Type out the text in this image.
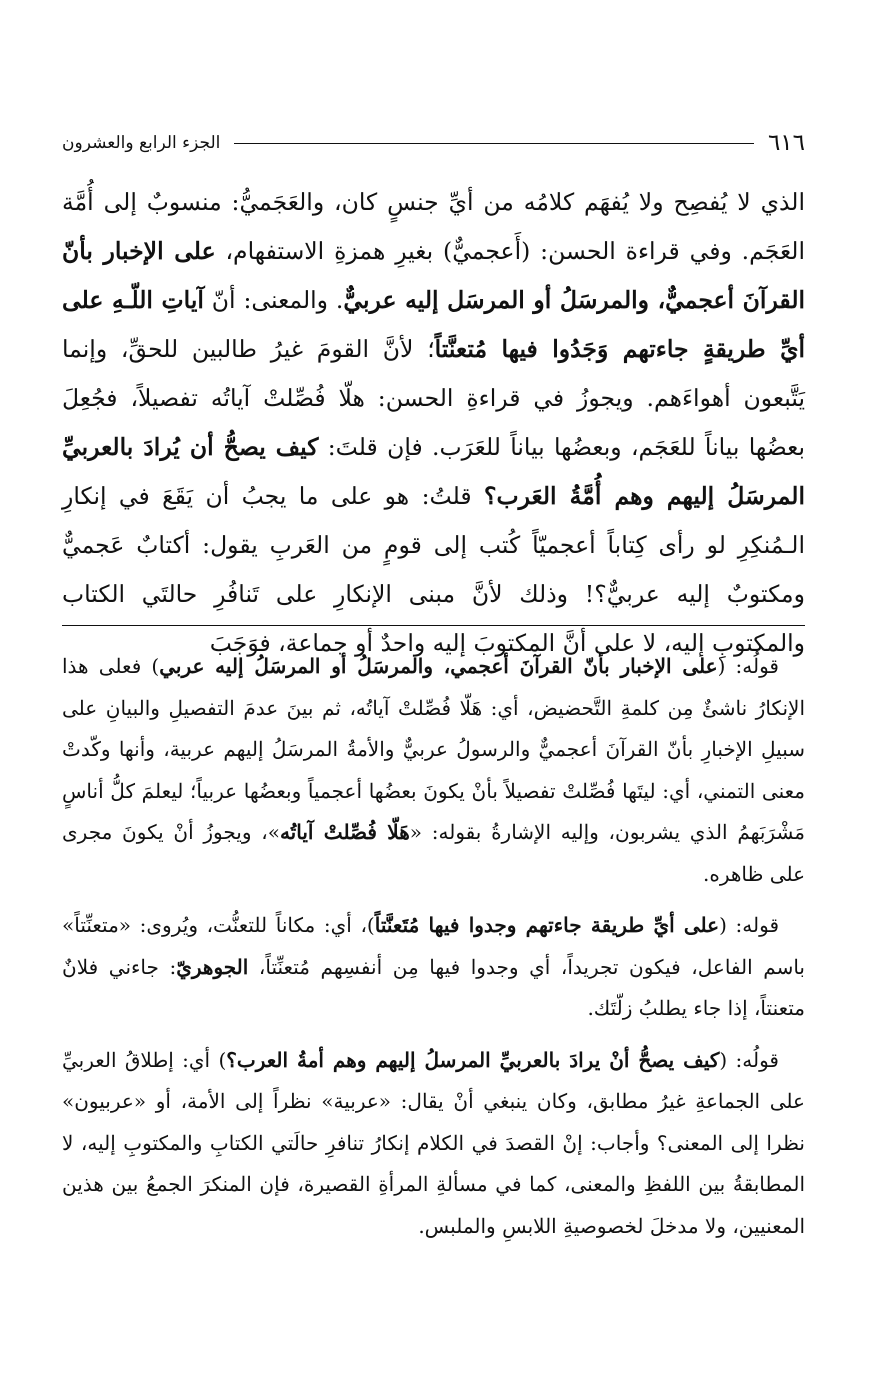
٦١٦
الجزء الرابع والعشرون

الذي لا يُفصِح ولا يُفهَم كلامُه من أيِّ جنسٍ كان، والعَجَميُّ: منسوبٌ إلى أُمَّة العَجَم. وفي قراءة الحسن: (أَعجميٌّ) بغيرِ همزةِ الاستفهام، على الإخبار بأنّ القرآنَ أعجميٌّ، والمرسَلُ أو المرسَل إليه عربيٌّ. والمعنى: أنّ آياتِ اللّـهِ على أيِّ طريقةٍ جاءتهم وَجَدُوا فيها مُتعنَّتاً؛ لأنَّ القومَ غيرُ طالبين للحقِّ، وإنما يَتَّبعون أهواءَهم. ويجوزُ في قراءةِ الحسن: هلّا فُصِّلتْ آياتُه تفصيلاً، فجُعِلَ بعضُها بياناً للعَجَم، وبعضُها بياناً للعَرَب. فإن قلتَ: كيف يصحُّ أن يُرادَ بالعربيِّ المرسَلُ إليهم وهم أُمَّةُ العَرب؟ قلتُ: هو على ما يجبُ أن يَقَعَ في إنكارِ الـمُنكِرِ لو رأى كِتاباً أعجميّاً كُتب إلى قومٍ من العَربِ يقول: أكتابٌ عَجميٌّ ومكتوبٌ إليه عربيٌّ؟! وذلك لأنَّ مبنى الإنكارِ على تَنافُرِ حالتَي الكتاب والمكتوبِ إليه، لا على أنَّ المكتوبَ إليه واحدٌ أو جماعة، فوَجَبَ

قولُه: (على الإخبار بأنّ القرآنَ أعجمي، والمرسَلُ أو المرسَلُ إليه عربي) فعلى هذا الإنكارُ ناشئٌ مِن كلمةِ التَّحضيض، أي: هَلّا فُصِّلتْ آياتُه، ثم بينَ عدمَ التفصيلِ والبيانِ على سبيلِ الإخبارِ بأنّ القرآنَ أعجميٌّ والرسولُ عربيٌّ والأمةُ المرسَلُ إليهم عربية، وأنها وكّدتْ معنى التمني، أي: ليتَها فُصِّلتْ تفصيلاً بأنْ يكونَ بعضُها أعجمياً وبعضُها عربياً؛ ليعلمَ كلُّ أناسٍ مَشْرَبَهمُ الذي يشربون، وإليه الإشارةُ بقوله: «هَلّا فُصِّلتْ آياتُه»، ويجوزُ أنْ يكونَ مجرى على ظاهره.

قوله: (على أيِّ طريقة جاءتهم وجدوا فيها مُتَعنَّتاً)، أي: مكاناً للتعنُّت، ويُروى: «متعنِّتاً» باسم الفاعل، فيكون تجريداً، أي وجدوا فيها مِن أنفسِهم مُتعنِّتاً، الجوهريّ: جاءني فلانٌ متعنتاً، إذا جاء يطلبُ زلّتَك.

قولُه: (كيف يصحُّ أنْ يرادَ بالعربيِّ المرسلُ إليهم وهم أمةُ العرب؟) أي: إطلاقُ العربيِّ على الجماعةِ غيرُ مطابق، وكان ينبغي أنْ يقال: «عربية» نظراً إلى الأمة، أو «عربيون» نظرا إلى المعنى؟ وأجاب: إنْ القصدَ في الكلام إنكارُ تنافرِ حالَتي الكتابِ والمكتوبِ إليه، لا المطابقةُ بين اللفظِ والمعنى، كما في مسألةِ المرأةِ القصيرة، فإن المنكرَ الجمعُ بين هذين المعنيين، ولا مدخلَ لخصوصيةِ اللابسِ والملبس.
